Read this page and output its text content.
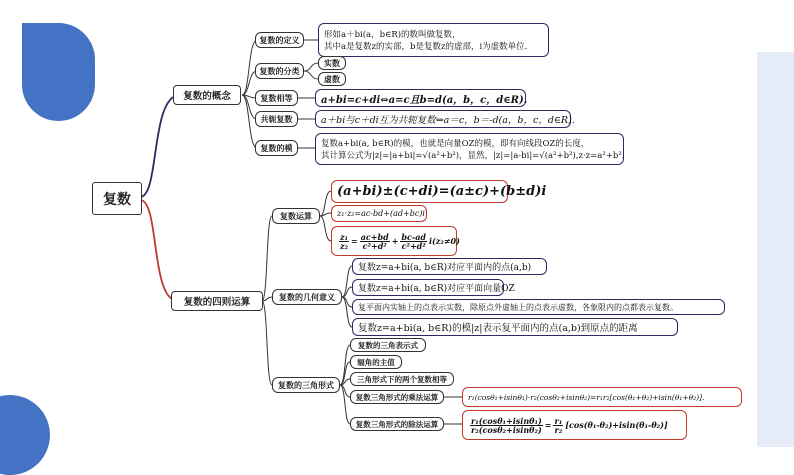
复数
复数的概念
复数的四则运算
复数的定义	形如a＋bi(a，b∈R)的数叫做复数，
其中a是复数z的实部，b是复数z的虚部，i为虚数单位.
复数的分类
实数
虚数
复数相等	a+bi=c+di⇔a=c且b=d(a，b，c，d∈R).
共轭复数	a＋bi与c＋di互为共轭复数⇔a＝c，b＝-d(a，b，c，d∈R).
复数的模	复数a+bi(a, b∈R)的模，也就是向量OZ的模，即有向线段OZ的长度，
其计算公式为|z|=|a+bi|=√(a²+b²)，显然，|z|=|a-bi|=√(a²+b²),z·z=a²+b².
复数运算
(a+bi)±(c+di)=(a±c)+(b±d)i
z₁·z₂=ac-bd+(ad+bc)i
$\frac{\text{z₁}}{\text{z₂}} = \frac{ac+bd}{\text{c²+d²}} + \frac{bc-ad}{\text{c²+d²}} i(z_2\ne 0)$
复数的几何意义
复数z=a+bi(a, b∈R)对应平面内的点(a,b)
复数z=a+bi(a, b∈R)对应平面向量OZ
复平面内实轴上的点表示实数，除原点外虚轴上的点表示虚数，各象限内的点都表示复数。
复数z=a+bi(a, b∈R)的模|z|表示复平面内的点(a,b)到原点的距离
复数的三角形式
复数的三角表示式
辐角的主值
三角形式下的两个复数相等
复数三角形式的乘法运算	r₁(cosθ₁+isinθ₁)·r₂(cosθ₂+isinθ₂)=r₁r₂[cos(θ₁+θ₂)+isin(θ₁+θ₂)].
复数三角形式的除法运算	$\frac{\text{r₁(cosθ₁+isinθ₁)}}{\text{r₂(cosθ₂+isinθ₂)}} = \frac{\text{r₁}}{\text{r₂}} [\cos(\theta_1-\theta_2)+isin(\theta_1-\theta_2)]$
